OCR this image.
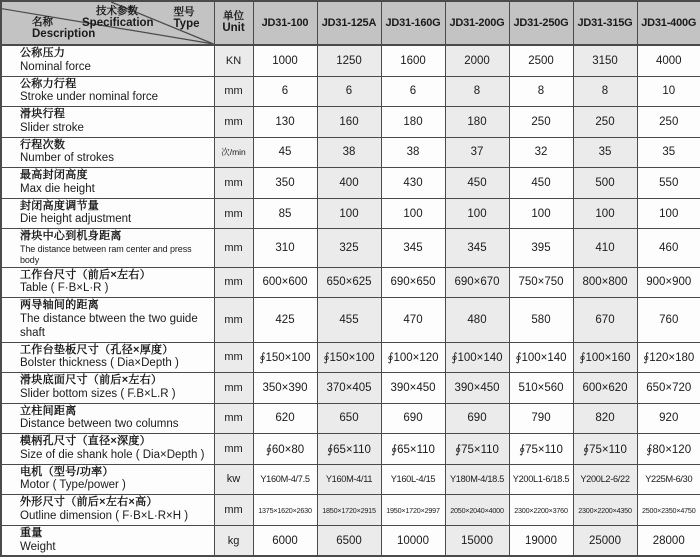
型号
Type
技术参数
Specification
名称
Description

单位
Unit	JD31-100	JD31-125A	JD31-160G	JD31-200G	JD31-250G	JD31-315G	JD31-400G

公称压力
Nominal force	KN	1000	1250	1600	2000	2500	3150	4000

公称力行程
Stroke under nominal force	mm	6	6	6	8	8	8	10

滑块行程
Slider stroke	mm	130	160	180	180	250	250	250

行程次数
Number of strokes	次/min	45	38	38	37	32	35	35

最高封闭高度
Max die height	mm	350	400	430	450	450	500	550

封闭高度调节量
Die height adjustment	mm	85	100	100	100	100	100	100

滑块中心到机身距离
The distance between ram center and press body	mm	310	325	345	345	395	410	460

工作台尺寸（前后×左右）
Table ( F·B×L·R )	mm	600×600	650×625	690×650	690×670	750×750	800×800	900×900

两导轴间的距离
The distance btween the two guide shaft	mm	425	455	470	480	580	670	760

工作台垫板尺寸（孔径×厚度）
Bolster thickness ( Dia×Depth )	mm	∮150×100	∮150×100	∮100×120	∮100×140	∮100×140	∮100×160	∮120×180

滑块底面尺寸（前后×左右）
Slider bottom sizes ( F.B×L.R )	mm	350×390	370×405	390×450	390×450	510×560	600×620	650×720

立柱间距离
Distance between two columns	mm	620	650	690	690	790	820	920

模柄孔尺寸（直径×深度）
Size of die shank hole ( Dia×Depth )	mm	∮60×80	∮65×110	∮65×110	∮75×110	∮75×110	∮75×110	∮80×120

电机（型号/功率）
Motor ( Type/power )	kw	Y160M-4/7.5	Y160M-4/11	Y160L-4/15	Y180M-4/18.5	Y200L1-6/18.5	Y200L2-6/22	Y225M-6/30

外形尺寸（前后×左右×高）
Outline dimension ( F·B×L·R×H )	mm	1375×1620×2630	1850×1720×2915	1950×1720×2997	2050×2040×4000	2300×2200×3760	2300×2200×4350	2500×2350×4750

重量
Weight	kg	6000	6500	10000	15000	19000	25000	28000
